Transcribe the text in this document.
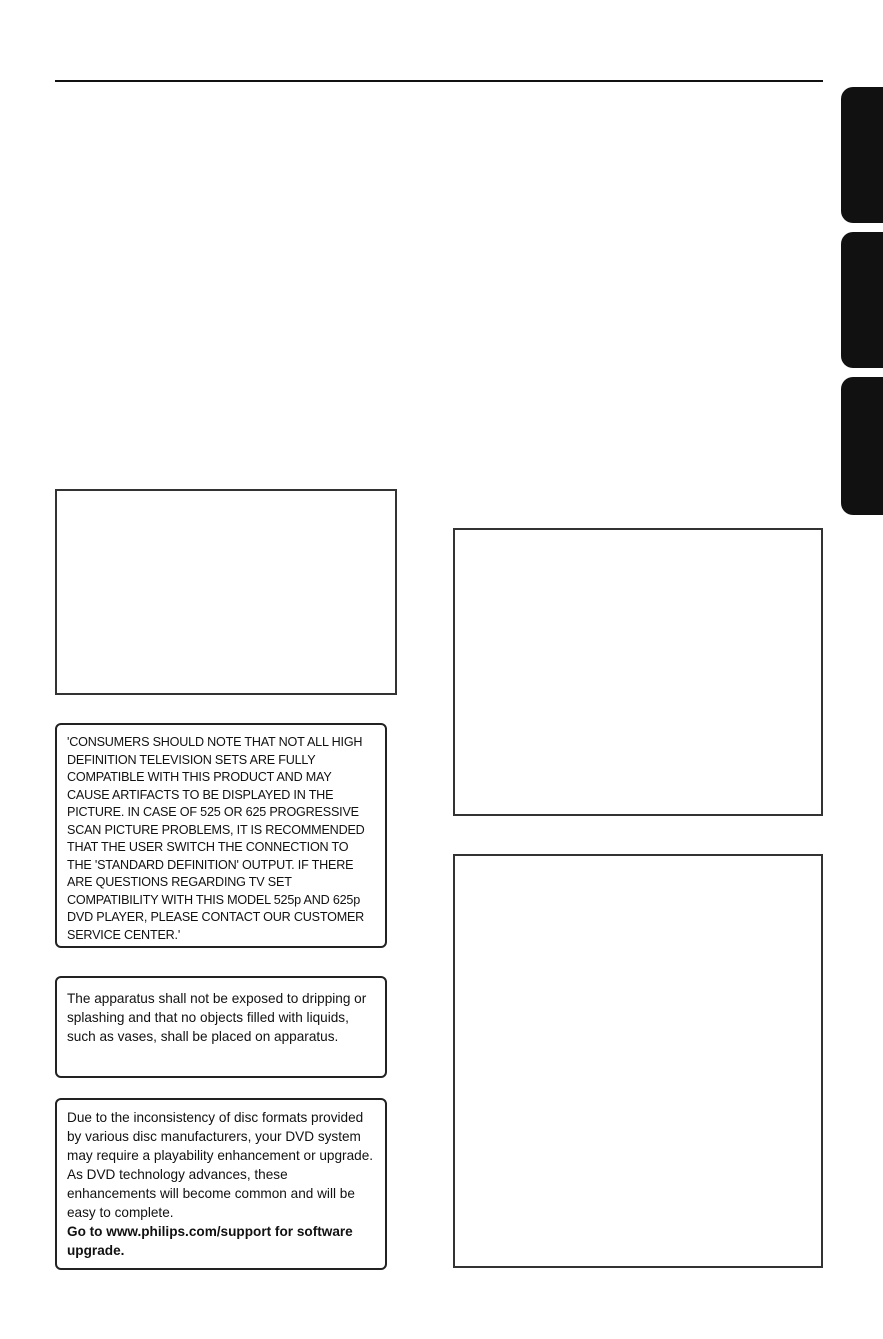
'CONSUMERS SHOULD NOTE THAT NOT ALL HIGH DEFINITION TELEVISION SETS ARE FULLY COMPATIBLE WITH THIS PRODUCT AND MAY CAUSE ARTIFACTS TO BE DISPLAYED IN THE PICTURE. IN CASE OF 525 OR 625 PROGRESSIVE SCAN PICTURE PROBLEMS, IT IS RECOMMENDED THAT THE USER SWITCH THE CONNECTION TO THE 'STANDARD DEFINITION' OUTPUT. IF THERE ARE QUESTIONS REGARDING TV SET COMPATIBILITY WITH THIS MODEL 525p AND 625p DVD PLAYER, PLEASE CONTACT OUR CUSTOMER SERVICE CENTER.'
The apparatus shall not be exposed to dripping or splashing and that no objects filled with liquids, such as vases, shall be placed on apparatus.
Due to the inconsistency of disc formats provided by various disc manufacturers, your DVD system may require a playability enhancement or upgrade. As DVD technology advances, these enhancements will become common and will be easy to complete.
Go to www.philips.com/support for software upgrade.
